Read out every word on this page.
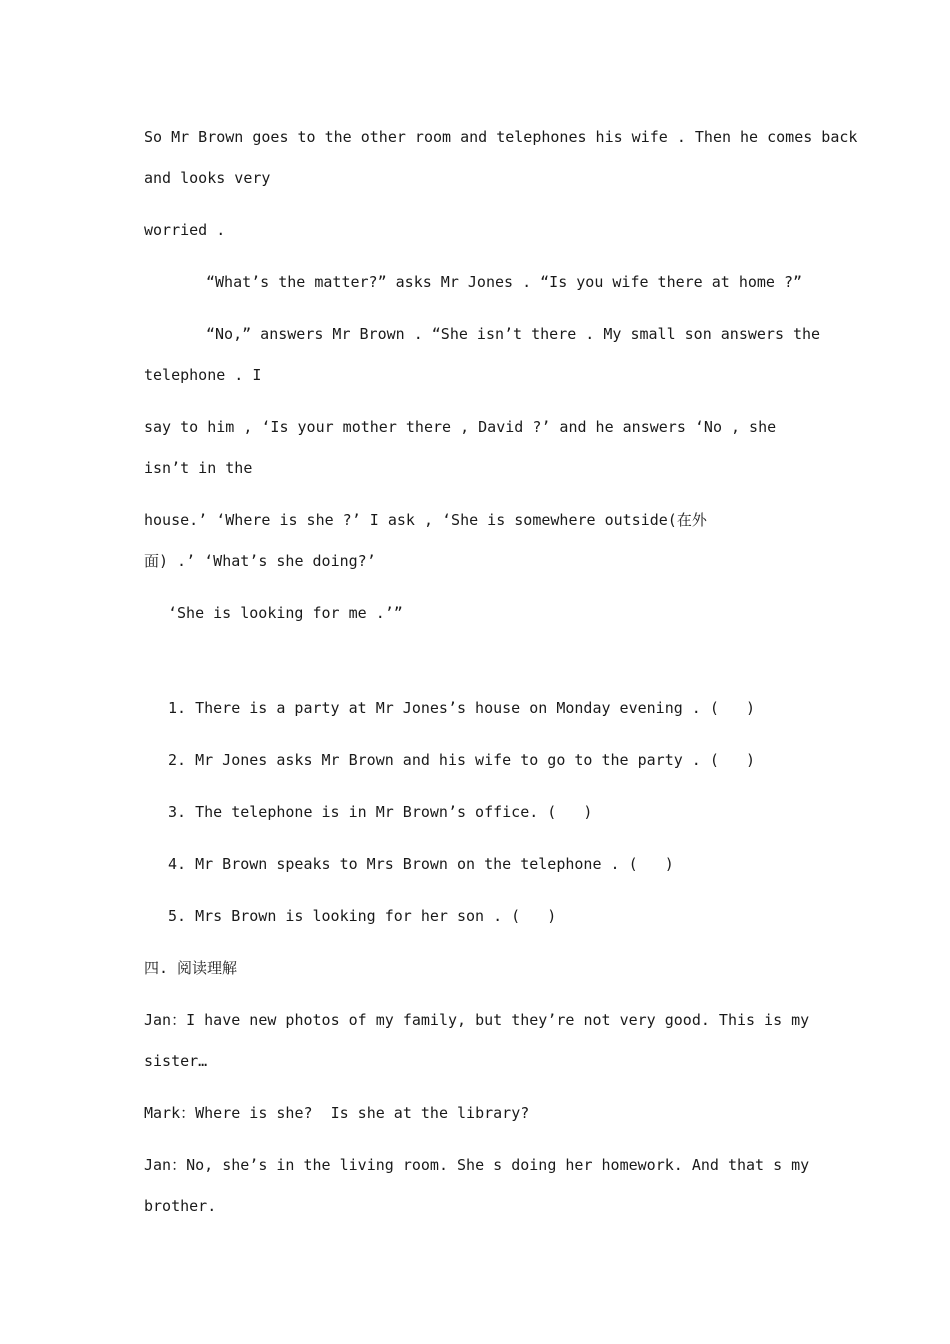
So Mr Brown goes to the other room and telephones his wife . Then he comes back

and looks very

worried .

“What’s the matter?” asks Mr Jones . “Is you wife there at home ?”

“No,” answers Mr Brown . “She isn’t there . My small son answers the

telephone . I

say to him , ‘Is your mother there , David ?’ and he answers ‘No , she

isn’t in the

house.’ ‘Where is she ?’ I ask , ‘She is somewhere outside(在外

面) .’ ‘What’s she doing?’

‘She is looking for me .’”

1. There is a party at Mr Jones’s house on Monday evening . (   )

2. Mr Jones asks Mr Brown and his wife to go to the party . (   )

3. The telephone is in Mr Brown’s office. (   )

4. Mr Brown speaks to Mrs Brown on the telephone . (   )

5. Mrs Brown is looking for her son . (   )

四. 阅读理解

Jan：I have new photos of my family, but they’re not very good. This is my

sister…

Mark：Where is she?  Is she at the library?

Jan：No, she’s in the living room. She s doing her homework. And that s my

brother.
